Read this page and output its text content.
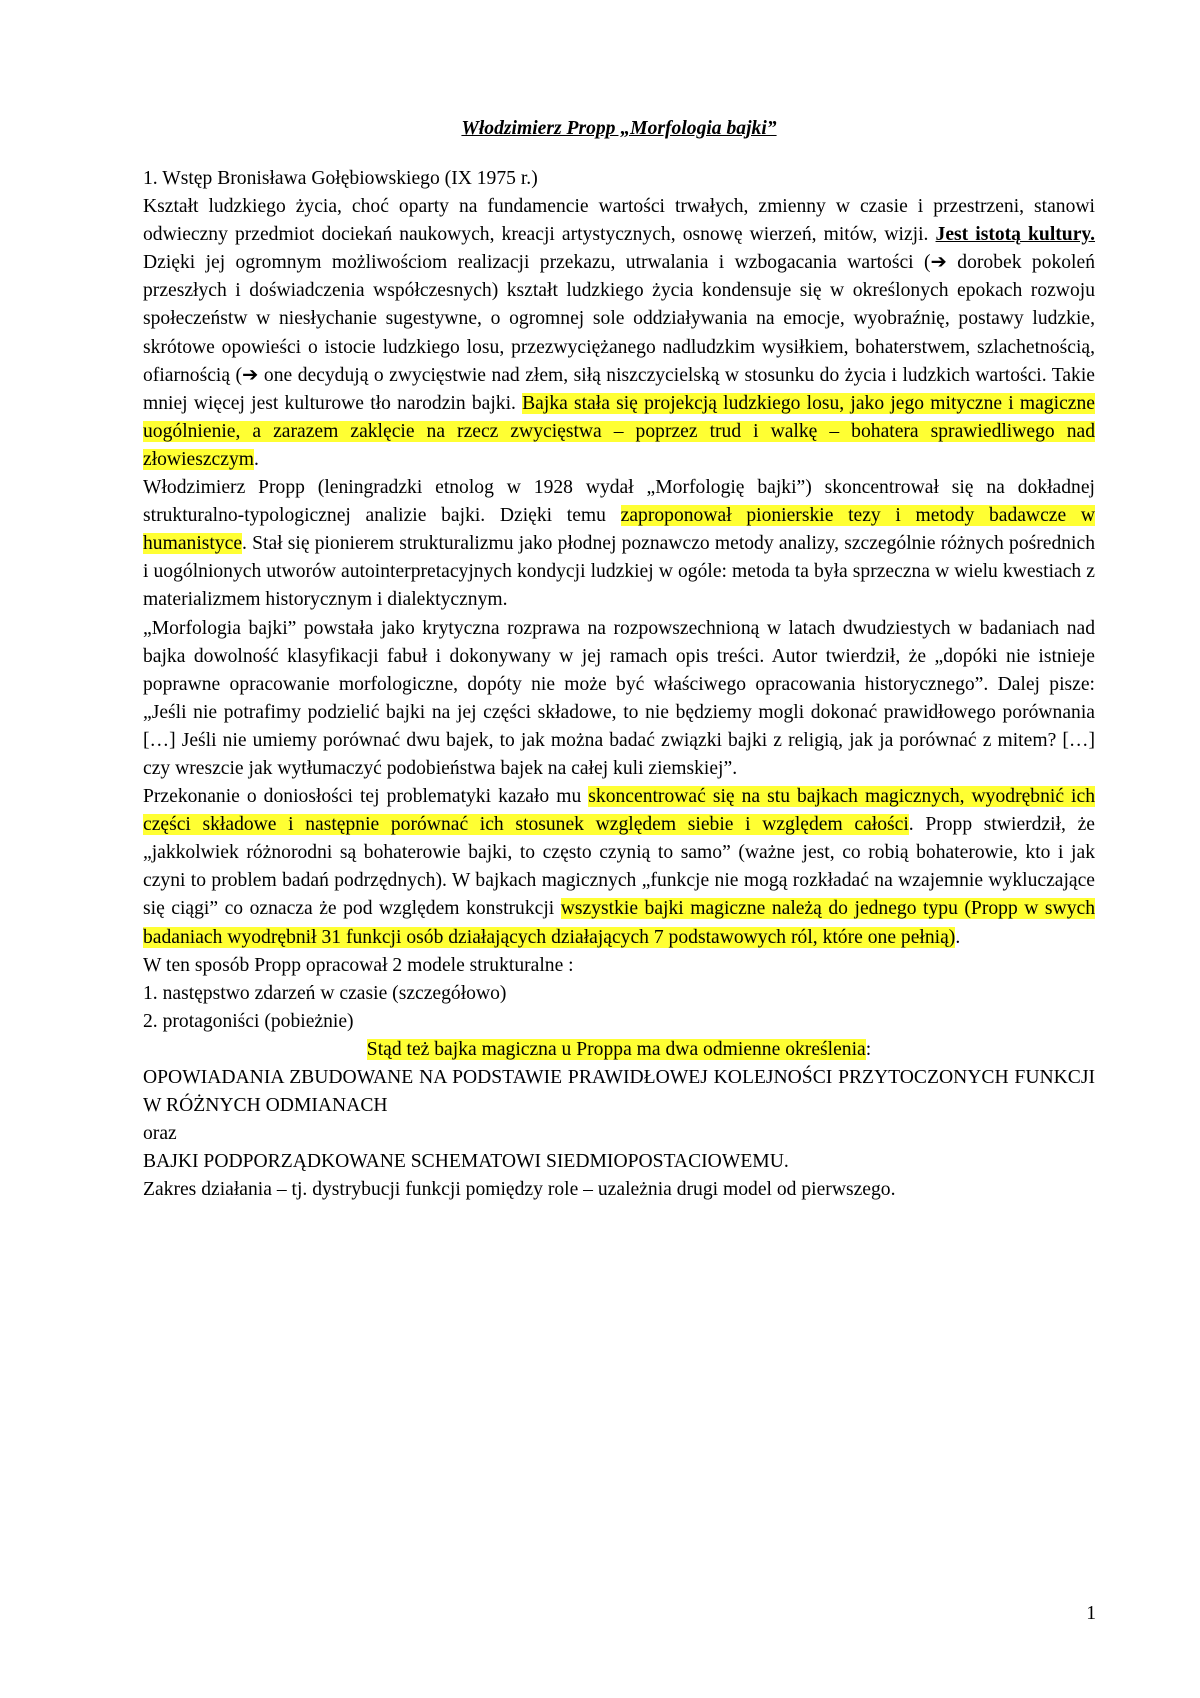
Włodzimierz Propp „Morfologia bajki”

1. Wstęp Bronisława Gołębiowskiego (IX 1975 r.)

Kształt ludzkiego życia, choć oparty na fundamencie wartości trwałych, zmienny w czasie i przestrzeni, stanowi odwieczny przedmiot dociekań naukowych, kreacji artystycznych, osnowę wierzeń, mitów, wizji. Jest istotą kultury. Dzięki jej ogromnym możliwościom realizacji przekazu, utrwalania i wzbogacania wartości (➔ dorobek pokoleń przeszłych i doświadczenia współczesnych) kształt ludzkiego życia kondensuje się w określonych epokach rozwoju społeczeństw w niesłychanie sugestywne, o ogromnej sole oddziaływania na emocje, wyobraźnię, postawy ludzkie, skrótowe opowieści o istocie ludzkiego losu, przezwyciężanego nadludzkim wysiłkiem, bohaterstwem, szlachetnością, ofiarnością (➔ one decydują o zwycięstwie nad złem, siłą niszczycielską w stosunku do życia i ludzkich wartości. Takie mniej więcej jest kulturowe tło narodzin bajki. Bajka stała się projekcją ludzkiego losu, jako jego mityczne i magiczne uogólnienie, a zarazem zaklęcie na rzecz zwycięstwa – poprzez trud i walkę – bohatera sprawiedliwego nad złowieszczym.

Włodzimierz Propp (leningradzki etnolog w 1928 wydał „Morfologię bajki”) skoncentrował się na dokładnej strukturalno-typologicznej analizie bajki. Dzięki temu zaproponował pionierskie tezy i metody badawcze w humanistyce. Stał się pionierem strukturalizmu jako płodnej poznawczo metody analizy, szczególnie różnych pośrednich i uogólnionych utworów autointerpretacyjnych kondycji ludzkiej w ogóle: metoda ta była sprzeczna w wielu kwestiach z materializmem historycznym i dialektycznym.

„Morfologia bajki” powstała jako krytyczna rozprawa na rozpowszechnioną w latach dwudziestych w badaniach nad bajka dowolność klasyfikacji fabuł i dokonywany w jej ramach opis treści. Autor twierdził, że „dopóki nie istnieje poprawne opracowanie morfologiczne, dopóty nie może być właściwego opracowania historycznego”. Dalej pisze: „Jeśli nie potrafimy podzielić bajki na jej części składowe, to nie będziemy mogli dokonać prawidłowego porównania […] Jeśli nie umiemy porównać dwu bajek, to jak można badać związki bajki z religią, jak ja porównać z mitem? […] czy wreszcie jak wytłumaczyć podobieństwa bajek na całej kuli ziemskiej”.

Przekonanie o doniosłości tej problematyki kazało mu skoncentrować się na stu bajkach magicznych, wyodrębnić ich części składowe i następnie porównać ich stosunek względem siebie i względem całości. Propp stwierdził, że „jakkolwiek różnorodni są bohaterowie bajki, to często czynią to samo” (ważne jest, co robią bohaterowie, kto i jak czyni to problem badań podrzędnych). W bajkach magicznych „funkcje nie mogą rozkładać na wzajemnie wykluczające się ciągi” co oznacza że pod względem konstrukcji wszystkie bajki magiczne należą do jednego typu (Propp w swych badaniach wyodrębnił 31 funkcji osób działających działających 7 podstawowych ról, które one pełnią).

W ten sposób Propp opracował 2 modele strukturalne :

1. następstwo zdarzeń w czasie (szczegółowo)

2. protagoniści (pobieżnie)

Stąd też bajka magiczna u Proppa ma dwa odmienne określenia:

OPOWIADANIA ZBUDOWANE NA PODSTAWIE PRAWIDŁOWEJ KOLEJNOŚCI PRZYTOCZONYCH FUNKCJI W RÓŻNYCH ODMIANACH

oraz

BAJKI PODPORZĄDKOWANE SCHEMATOWI SIEDMIOPOSTACIOWEMU.

Zakres działania – tj. dystrybucji funkcji pomiędzy role – uzależnia drugi model od pierwszego.

1
